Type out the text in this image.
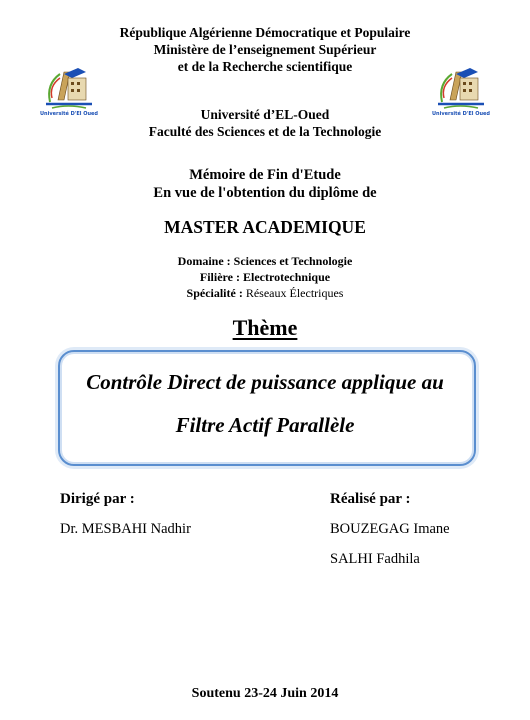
République Algérienne Démocratique et Populaire
Ministère de l’enseignement Supérieur
et de la Recherche scientifique
Université D'El Oued	Université D'El Oued
Université d’EL-Oued
Faculté des Sciences et de la Technologie
Mémoire de Fin d'Etude
En vue de l'obtention du diplôme de
MASTER ACADEMIQUE
Domaine : Sciences et Technologie
Filière : Electrotechnique
Spécialité : Réseaux Électriques
Thème
Contrôle Direct de puissance applique au
Filtre Actif Parallèle
Dirigé par :
Dr. MESBAHI Nadhir
Réalisé par :
BOUZEGAG Imane
SALHI Fadhila
Soutenu 23-24 Juin 2014
